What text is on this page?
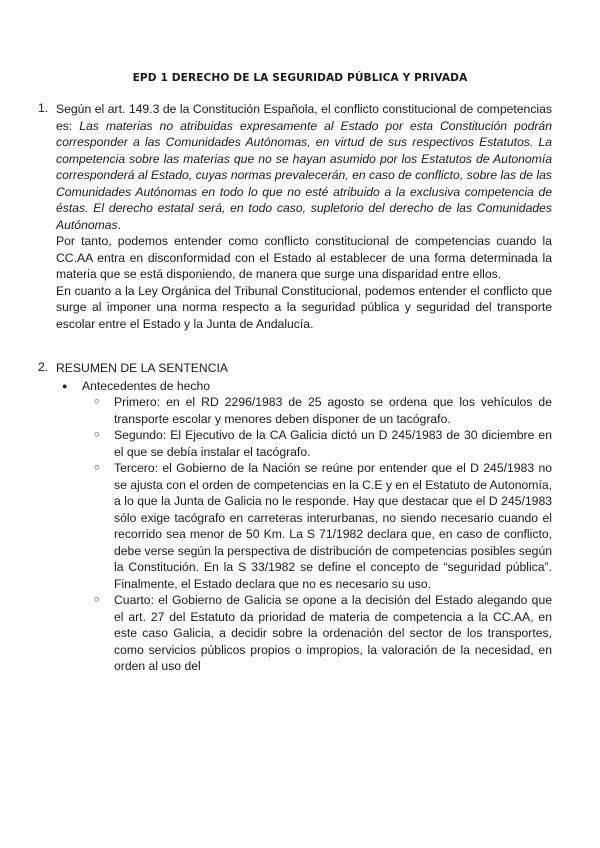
EPD 1 DERECHO DE LA SEGURIDAD PÚBLICA Y PRIVADA
1. Según el art. 149.3 de la Constitución Española, el conflicto constitucional de competencias es: Las materias no atribuidas expresamente al Estado por esta Constitución podrán corresponder a las Comunidades Autónomas, en virtud de sus respectivos Estatutos. La competencia sobre las materias que no se hayan asumido por los Estatutos de Autonomía corresponderá al Estado, cuyas normas prevalecerán, en caso de conflicto, sobre las de las Comunidades Autónomas en todo lo que no esté atribuido a la exclusiva competencia de éstas. El derecho estatal será, en todo caso, supletorio del derecho de las Comunidades Autónomas.

Por tanto, podemos entender como conflicto constitucional de competencias cuando la CC.AA entra en disconformidad con el Estado al establecer de una forma determinada la materia que se está disponiendo, de manera que surge una disparidad entre ellos.

En cuanto a la Ley Orgánica del Tribunal Constitucional, podemos entender el conflicto que surge al imponer una norma respecto a la seguridad pública y seguridad del transporte escolar entre el Estado y la Junta de Andalucía.

2. RESUMEN DE LA SENTENCIA
● Antecedentes de hecho
○ Primero: en el RD 2296/1983 de 25 agosto se ordena que los vehículos de transporte escolar y menores deben disponer de un tacógrafo.
○ Segundo: El Ejecutivo de la CA Galicia dictó un D 245/1983 de 30 diciembre en el que se debía instalar el tacógrafo.
○ Tercero: el Gobierno de la Nación se reúne por entender que el D 245/1983 no se ajusta con el orden de competencias en la C.E y en el Estatuto de Autonomía, a lo que la Junta de Galicia no le responde. Hay que destacar que el D 245/1983 sólo exige tacógrafo en carreteras interurbanas, no siendo necesario cuando el recorrido sea menor de 50 Km. La S 71/1982 declara que, en caso de conflicto, debe verse según la perspectiva de distribución de competencias posibles según la Constitución. En la S 33/1982 se define el concepto de “seguridad pública”. Finalmente, el Estado declara que no es necesario su uso.
○ Cuarto: el Gobierno de Galicia se opone a la decisión del Estado alegando que el art. 27 del Estatuto da prioridad de materia de competencia a la CC.AA, en este caso Galicia, a decidir sobre la ordenación del sector de los transportes, como servicios públicos propios o impropios, la valoración de la necesidad, en orden al uso del
